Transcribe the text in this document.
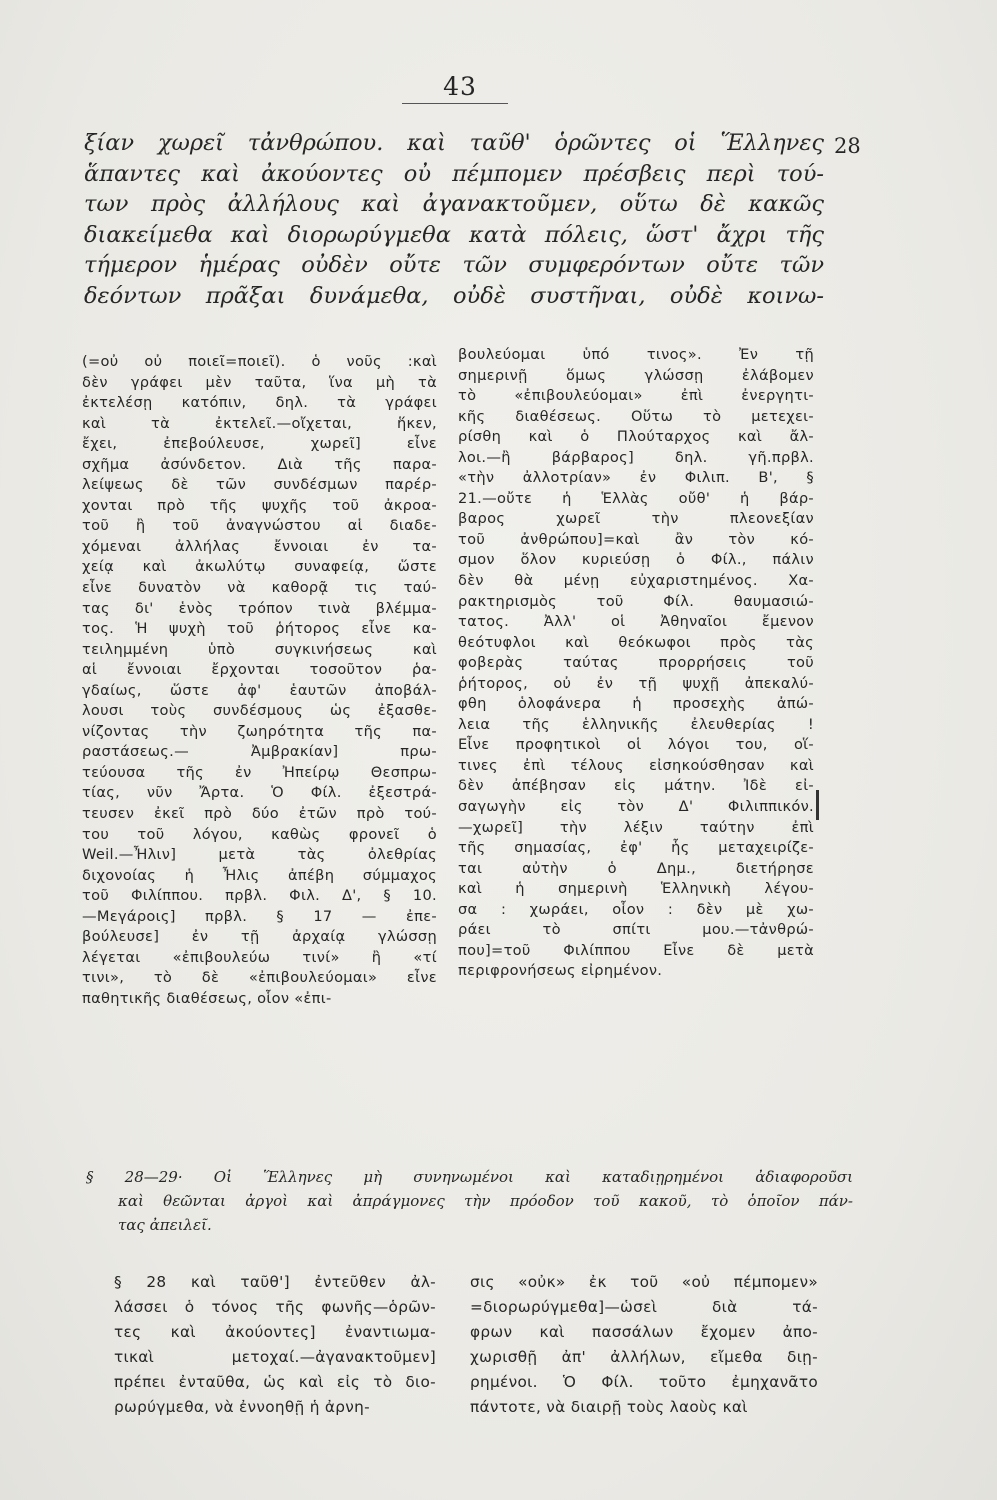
43
ξίαν χωρεῖ τἀνθρώπου. καὶ ταῦθ' ὁρῶντες οἱ Ἕλληνες
ἅπαντες καὶ ἀκούοντες οὐ πέμπομεν πρέσβεις περὶ τού-
των πρὸς ἀλλήλους καὶ ἀγανακτοῦμεν, οὕτω δὲ κακῶς
διακείμεθα καὶ διορωρύγμεθα κατὰ πόλεις, ὥστ' ἄχρι τῆς
τήμερον ἡμέρας οὐδὲν οὔτε τῶν συμφερόντων οὔτε τῶν
δεόντων πρᾶξαι δυνάμεθα, οὐδὲ συστῆναι, οὐδὲ κοινω-
28
(=οὐ οὐ ποιεῖ=ποιεῖ). ὁ νοῦς :καὶ
δὲν γράφει μὲν ταῦτα, ἵνα μὴ τὰ
ἐκτελέσῃ κατόπιν, δηλ. τὰ γράφει
καὶ τὰ ἐκτελεῖ.—οἴχεται, ἥκεν,
ἔχει, ἐπεβούλευσε, χωρεῖ] εἶνε
σχῆμα ἀσύνδετον. Διὰ τῆς παρα-
λείψεως δὲ τῶν συνδέσμων παρέρ-
χονται πρὸ τῆς ψυχῆς τοῦ ἀκροα-
τοῦ ἢ τοῦ ἀναγνώστου αἱ διαδε-
χόμεναι ἀλλήλας ἔννοιαι ἐν τα-
χείᾳ καὶ ἀκωλύτῳ συναφείᾳ, ὥστε
εἶνε δυνατὸν νὰ καθορᾷ τις ταύ-
τας δι' ἑνὸς τρόπον τινὰ βλέμμα-
τος. Ἡ ψυχὴ τοῦ ῥήτορος εἶνε κα-
τειλημμένη ὑπὸ συγκινήσεως καὶ
αἱ ἔννοιαι ἔρχονται τοσοῦτον ῥα-
γδαίως, ὥστε ἀφ' ἑαυτῶν ἀποβάλ-
λουσι τοὺς συνδέσμους ὡς ἐξασθε-
νίζοντας τὴν ζωηρότητα τῆς πα-
ραστάσεως.— Ἀμβρακίαν] πρω-
τεύουσα τῆς ἐν Ἠπείρῳ Θεσπρω-
τίας, νῦν Ἄρτα. Ὁ Φίλ. ἐξεστρά-
τευσεν ἐκεῖ πρὸ δύο ἐτῶν πρὸ τού-
του τοῦ λόγου, καθὼς φρονεῖ ὁ
Weil.—Ἦλιν] μετὰ τὰς ὀλεθρίας
διχονοίας ἡ Ἦλις ἀπέβη σύμμαχος
τοῦ Φιλίππου. πρβλ. Φιλ. Δ', § 10.
—Μεγάροις] πρβλ. § 17 — ἐπε-
βούλευσε] ἐν τῇ ἀρχαίᾳ γλώσσῃ
λέγεται «ἐπιβουλεύω τινί» ἢ «τί
τινι», τὸ δὲ «ἐπιβουλεύομαι» εἶνε
παθητικῆς διαθέσεως, οἷον «ἐπι-
βουλεύομαι ὑπό τινος». Ἐν τῇ
σημερινῇ ὅμως γλώσσῃ ἐλάβομεν
τὸ «ἐπιβουλεύομαι» ἐπὶ ἐνεργητι-
κῆς διαθέσεως. Οὕτω τὸ μετεχει-
ρίσθη καὶ ὁ Πλούταρχος καὶ ἄλ-
λοι.—ἢ βάρβαρος] δηλ. γῆ.πρβλ.
«τὴν ἀλλοτρίαν» ἐν Φιλιπ. Β', §
21.—οὔτε ἡ Ἑλλὰς οὔθ' ἡ βάρ-
βαρος χωρεῖ τὴν πλεονεξίαν
τοῦ ἀνθρώπου]=καὶ ἂν τὸν κό-
σμον ὅλον κυριεύσῃ ὁ Φίλ., πάλιν
δὲν θὰ μένῃ εὐχαριστημένος. Χα-
ρακτηρισμὸς τοῦ Φίλ. θαυμασιώ-
τατος. Ἀλλ' οἱ Ἀθηναῖοι ἔμενον
θεότυφλοι καὶ θεόκωφοι πρὸς τὰς
φοβερὰς ταύτας προρρήσεις τοῦ
ῥήτορος, οὐ ἐν τῇ ψυχῇ ἀπεκαλύ-
φθη ὁλοφάνερα ἡ προσεχὴς ἀπώ-
λεια τῆς ἑλληνικῆς ἐλευθερίας !
Εἶνε προφητικοὶ οἱ λόγοι του, οἵ-
τινες ἐπὶ τέλους εἰσηκούσθησαν καὶ
δὲν ἀπέβησαν εἰς μάτην. Ἰδὲ εἰ-
σαγωγὴν εἰς τὸν Δ' Φιλιππικόν.
—χωρεῖ] τὴν λέξιν ταύτην ἐπὶ
τῆς σημασίας, ἐφ' ἧς μεταχειρίζε-
ται αὐτὴν ὁ Δημ., διετήρησε
καὶ ἡ σημερινὴ Ἑλληνικὴ λέγου-
σα : χωράει, οἷον : δὲν μὲ χω-
ράει τὸ σπίτι μου.—τἀνθρώ-
που]=τοῦ Φιλίππου Εἶνε δὲ μετὰ
περιφρονήσεως εἰρημένον.
§ 28—29· Οἱ Ἕλληνες μὴ συνηνωμένοι καὶ καταδιῃρημένοι ἀδιαφοροῦσι
καὶ θεῶνται ἀργοὶ καὶ ἀπράγμονες τὴν πρόοδον τοῦ κακοῦ, τὸ ὁποῖον πάν-
τας ἀπειλεῖ.
§ 28 καὶ ταῦθ'] ἐντεῦθεν ἀλ-
λάσσει ὁ τόνος τῆς φωνῆς—ὁρῶν-
τες καὶ ἀκούοντες] ἐναντιωμα-
τικαὶ μετοχαί.—ἀγανακτοῦμεν]
πρέπει ἐνταῦθα, ὡς καὶ εἰς τὸ διο-
ρωρύγμεθα, νὰ ἐννοηθῇ ἡ ἀρνη-
σις «οὐκ» ἐκ τοῦ «οὐ πέμπομεν»
=διορωρύγμεθα]—ὡσεὶ διὰ τά-
φρων καὶ πασσάλων ἔχομεν ἀπο-
χωρισθῇ ἀπ' ἀλλήλων, εἴμεθα διῃ-
ρημένοι. Ὁ Φίλ. τοῦτο ἐμηχανᾶτο
πάντοτε, νὰ διαιρῇ τοὺς λαοὺς καὶ
